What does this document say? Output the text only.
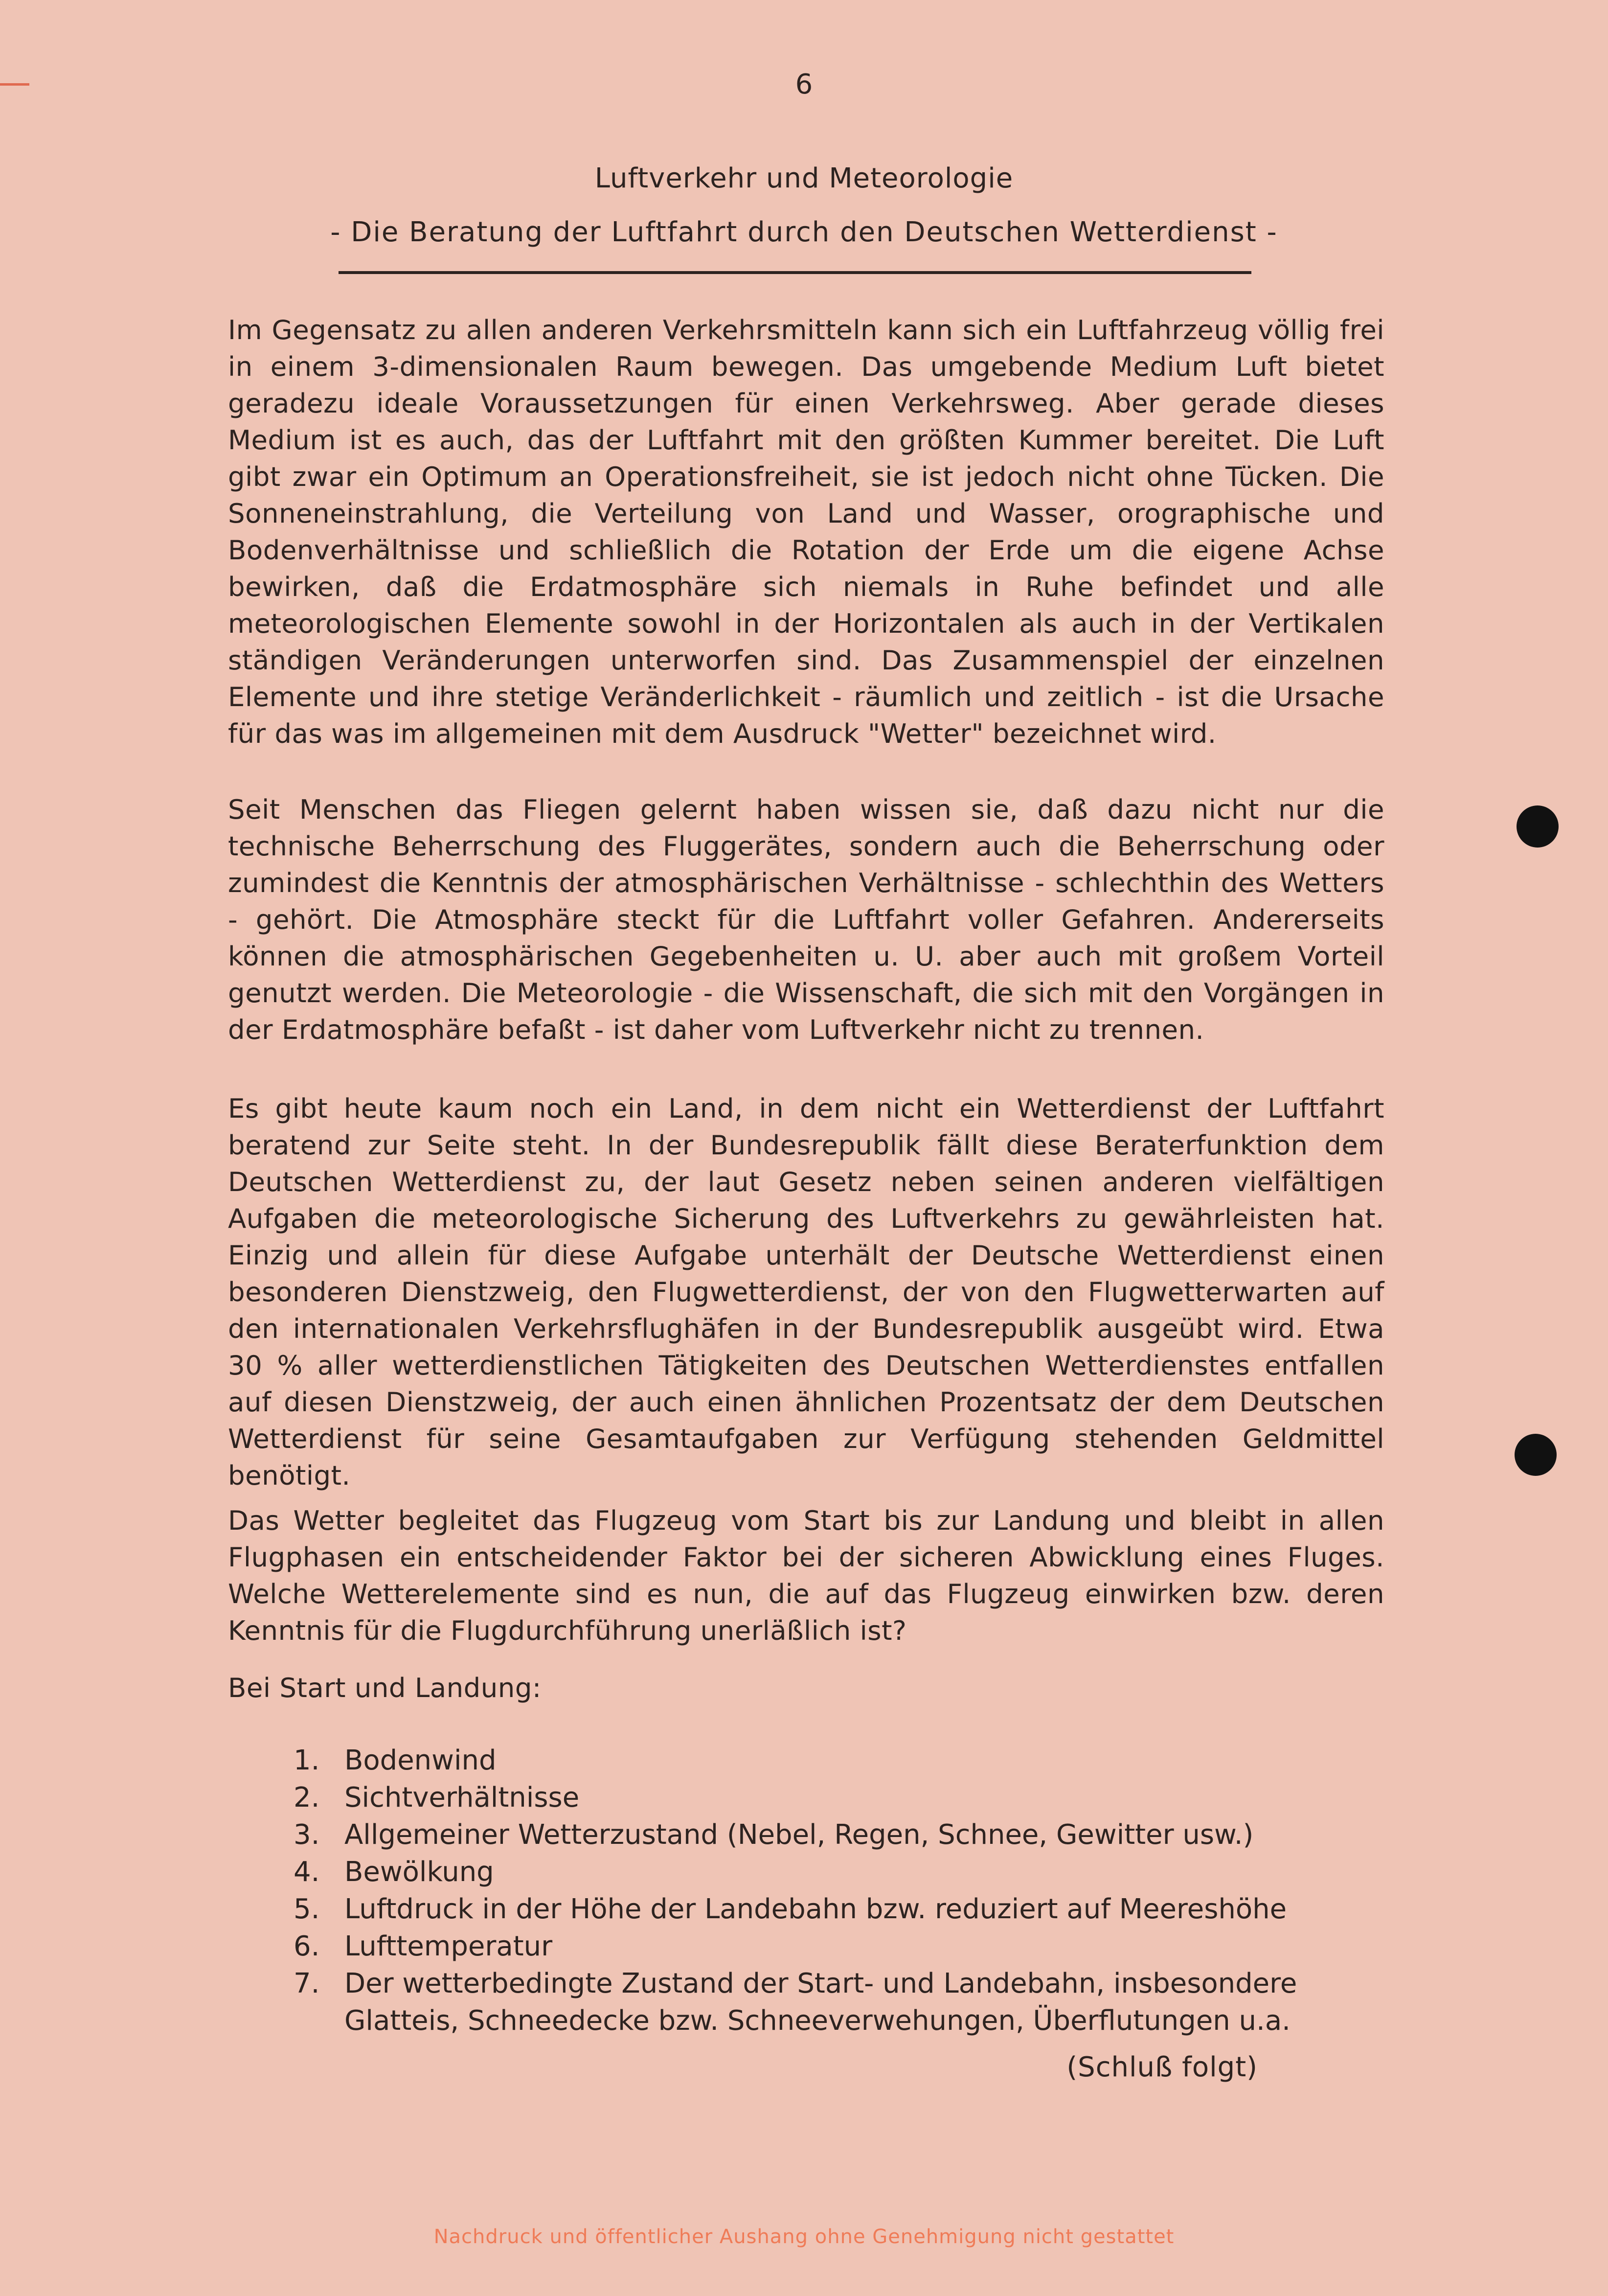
6
Luftverkehr und Meteorologie
- Die Beratung der Luftfahrt durch den Deutschen Wetterdienst -
Im Gegensatz zu allen anderen Verkehrsmitteln kann sich ein Luftfahrzeug völlig frei in einem 3-dimensionalen Raum bewegen. Das umgebende Medium Luft bietet geradezu ideale Voraussetzungen für einen Verkehrsweg. Aber gerade dieses Medium ist es auch, das der Luftfahrt mit den größten Kummer bereitet. Die Luft gibt zwar ein Optimum an Operationsfreiheit, sie ist jedoch nicht ohne Tücken. Die Sonneneinstrahlung, die Verteilung von Land und Wasser, orographische und Bodenverhältnisse und schließlich die Rotation der Erde um die eigene Achse bewirken, daß die Erdatmosphäre sich niemals in Ruhe befindet und alle meteorologischen Elemente sowohl in der Horizontalen als auch in der Vertikalen ständigen Veränderungen unterworfen sind. Das Zusammenspiel der einzelnen Elemente und ihre stetige Veränderlichkeit - räumlich und zeitlich - ist die Ursache für das was im allgemeinen mit dem Ausdruck "Wetter" bezeichnet wird.
Seit Menschen das Fliegen gelernt haben wissen sie, daß dazu nicht nur die technische Beherrschung des Fluggerätes, sondern auch die Beherrschung oder zumindest die Kenntnis der atmosphärischen Verhältnisse - schlechthin des Wetters - gehört. Die Atmosphäre steckt für die Luftfahrt voller Gefahren. Andererseits können die atmosphärischen Gegebenheiten u. U. aber auch mit großem Vorteil genutzt werden. Die Meteorologie - die Wissenschaft, die sich mit den Vorgängen in der Erdatmosphäre befaßt - ist daher vom Luftverkehr nicht zu trennen.
Es gibt heute kaum noch ein Land, in dem nicht ein Wetterdienst der Luftfahrt beratend zur Seite steht. In der Bundesrepublik fällt diese Beraterfunktion dem Deutschen Wetterdienst zu, der laut Gesetz neben seinen anderen vielfältigen Aufgaben die meteorologische Sicherung des Luftverkehrs zu gewährleisten hat. Einzig und allein für diese Aufgabe unterhält der Deutsche Wetterdienst einen besonderen Dienstzweig, den Flugwetterdienst, der von den Flugwetterwarten auf den internationalen Verkehrsflughäfen in der Bundesrepublik ausgeübt wird. Etwa 30 % aller wetterdienstlichen Tätigkeiten des Deutschen Wetterdienstes entfallen auf diesen Dienstzweig, der auch einen ähnlichen Prozentsatz der dem Deutschen Wetterdienst für seine Gesamtaufgaben zur Verfügung stehenden Geldmittel benötigt.
Das Wetter begleitet das Flugzeug vom Start bis zur Landung und bleibt in allen Flugphasen ein entscheidender Faktor bei der sicheren Abwicklung eines Fluges. Welche Wetterelemente sind es nun, die auf das Flugzeug einwirken bzw. deren Kenntnis für die Flugdurchführung unerläßlich ist?
Bei Start und Landung:
1. Bodenwind
2. Sichtverhältnisse
3. Allgemeiner Wetterzustand (Nebel, Regen, Schnee, Gewitter usw.)
4. Bewölkung
5. Luftdruck in der Höhe der Landebahn bzw. reduziert auf Meereshöhe
6. Lufttemperatur
7. Der wetterbedingte Zustand der Start- und Landebahn, insbesondere Glatteis, Schneedecke bzw. Schneeverwehungen, Überflutungen u.a.
(Schluß folgt)
Nachdruck und öffentlicher Aushang ohne Genehmigung nicht gestattet
